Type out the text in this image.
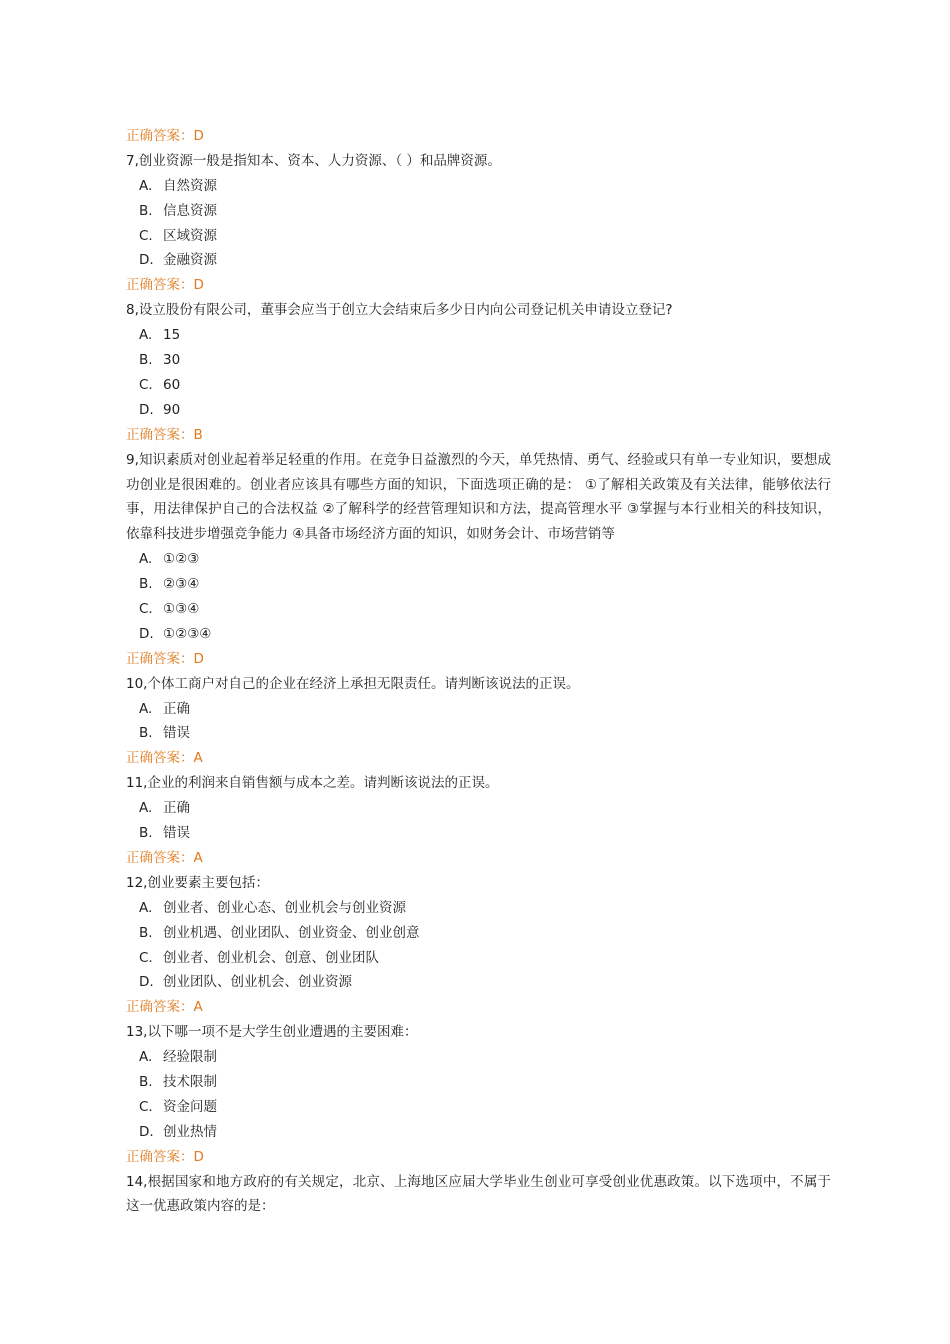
正确答案：D
7,创业资源一般是指知本、资本、人力资源、（ ）和品牌资源。
A. 自然资源
B. 信息资源
C. 区域资源
D. 金融资源
正确答案：D
8,设立股份有限公司，董事会应当于创立大会结束后多少日内向公司登记机关申请设立登记?
A. 15
B. 30
C. 60
D. 90
正确答案：B
9,知识素质对创业起着举足轻重的作用。在竞争日益激烈的今天，单凭热情、勇气、经验或只有单一专业知识，要想成功创业是很困难的。创业者应该具有哪些方面的知识，下面选项正确的是： ①了解相关政策及有关法律，能够依法行事，用法律保护自己的合法权益 ②了解科学的经营管理知识和方法，提高管理水平 ③掌握与本行业相关的科技知识，依靠科技进步增强竞争能力 ④具备市场经济方面的知识，如财务会计、市场营销等
A. ①②③
B. ②③④
C. ①③④
D. ①②③④
正确答案：D
10,个体工商户对自己的企业在经济上承担无限责任。请判断该说法的正误。
A. 正确
B. 错误
正确答案：A
11,企业的利润来自销售额与成本之差。请判断该说法的正误。
A. 正确
B. 错误
正确答案：A
12,创业要素主要包括：
A. 创业者、创业心态、创业机会与创业资源
B. 创业机遇、创业团队、创业资金、创业创意
C. 创业者、创业机会、创意、创业团队
D. 创业团队、创业机会、创业资源
正确答案：A
13,以下哪一项不是大学生创业遭遇的主要困难：
A. 经验限制
B. 技术限制
C. 资金问题
D. 创业热情
正确答案：D
14,根据国家和地方政府的有关规定，北京、上海地区应届大学毕业生创业可享受创业优惠政策。以下选项中，不属于这一优惠政策内容的是：
